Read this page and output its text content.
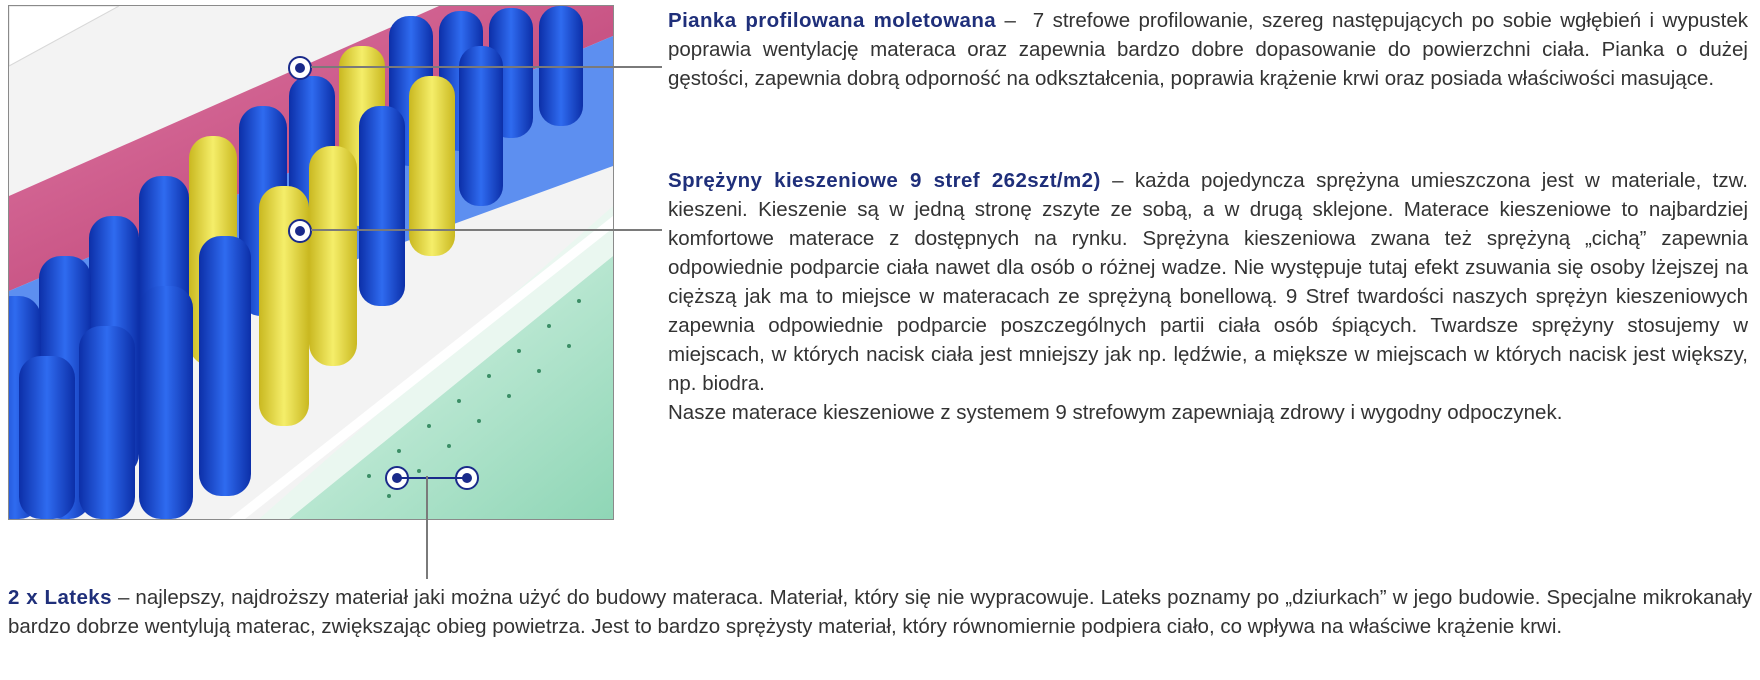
Pianka profilowana moletowana –  7 strefowe profilowanie, szereg następujących po sobie wgłębień i wypustek poprawia wentylację materaca oraz zapewnia bardzo dobre dopasowanie do powierzchni ciała. Pianka o dużej gęstości, zapewnia dobrą odporność na odkształcenia, poprawia krążenie krwi oraz posiada właściwości masujące.

Sprężyny kieszeniowe 9 stref 262szt/m2) – każda pojedyncza sprężyna umieszczona jest w materiale, tzw. kieszeni. Kieszenie są w jedną stronę zszyte ze sobą, a w drugą sklejone. Materace kieszeniowe to najbardziej komfortowe materace z dostępnych na rynku. Sprężyna kieszeniowa zwana też sprężyną „cichą” zapewnia odpowiednie podparcie ciała nawet dla osób o różnej wadze. Nie występuje tutaj efekt zsuwania się osoby lżejszej na cięższą jak ma to miejsce w materacach ze sprężyną bonellową. 9 Stref twardości naszych sprężyn kieszeniowych zapewnia odpowiednie podparcie poszczególnych partii ciała osób śpiących. Twardsze sprężyny stosujemy w miejscach, w których nacisk ciała jest mniejszy jak np. lędźwie, a miększe w miejscach w których nacisk jest większy, np. biodra.
Nasze materace kieszeniowe z systemem 9 strefowym zapewniają zdrowy i wygodny odpoczynek.

2 x Lateks – najlepszy, najdroższy materiał jaki można użyć do budowy materaca. Materiał, który się nie wypracowuje. Lateks poznamy po „dziurkach” w jego budowie. Specjalne mikrokanały bardzo dobrze wentylują materac, zwiększając obieg powietrza. Jest to bardzo sprężysty materiał, który równomiernie podpiera ciało, co wpływa na właściwe krążenie krwi.
